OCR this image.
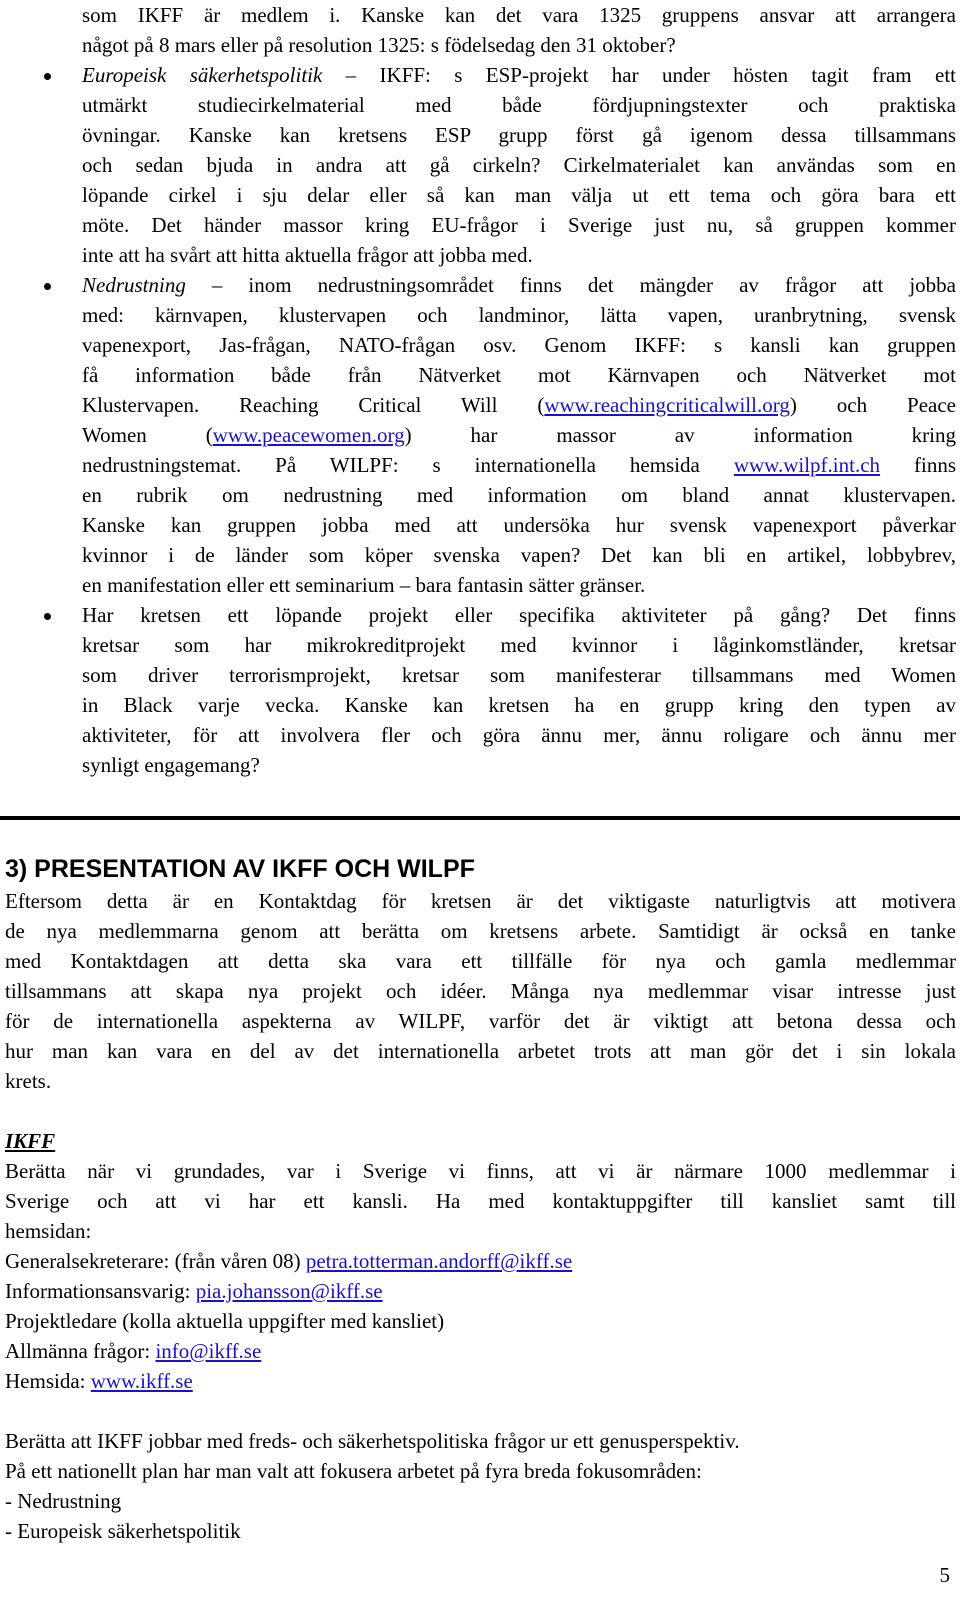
som IKFF är medlem i. Kanske kan det vara 1325 gruppens ansvar att arrangera
något på 8 mars eller på resolution 1325: s födelsedag den 31 oktober?
Europeisk säkerhetspolitik – IKFF: s ESP-projekt har under hösten tagit fram ett
utmärkt studiecirkelmaterial med både fördjupningstexter och praktiska
övningar. Kanske kan kretsens ESP grupp först gå igenom dessa tillsammans
och sedan bjuda in andra att gå cirkeln? Cirkelmaterialet kan användas som en
löpande cirkel i sju delar eller så kan man välja ut ett tema och göra bara ett
möte. Det händer massor kring EU-frågor i Sverige just nu, så gruppen kommer
inte att ha svårt att hitta aktuella frågor att jobba med.
Nedrustning – inom nedrustningsområdet finns det mängder av frågor att jobba
med: kärnvapen, klustervapen och landminor, lätta vapen, uranbrytning, svensk
vapenexport, Jas-frågan, NATO-frågan osv. Genom IKFF: s kansli kan gruppen
få information både från Nätverket mot Kärnvapen och Nätverket mot
Klustervapen. Reaching Critical Will (www.reachingcriticalwill.org) och Peace
Women (www.peacewomen.org) har massor av information kring
nedrustningstemat. På WILPF: s internationella hemsida www.wilpf.int.ch finns
en rubrik om nedrustning med information om bland annat klustervapen.
Kanske kan gruppen jobba med att undersöka hur svensk vapenexport påverkar
kvinnor i de länder som köper svenska vapen? Det kan bli en artikel, lobbybrev,
en manifestation eller ett seminarium – bara fantasin sätter gränser.
Har kretsen ett löpande projekt eller specifika aktiviteter på gång? Det finns
kretsar som har mikrokreditprojekt med kvinnor i låginkomstländer, kretsar
som driver terrorismprojekt, kretsar som manifesterar tillsammans med Women
in Black varje vecka. Kanske kan kretsen ha en grupp kring den typen av
aktiviteter, för att involvera fler och göra ännu mer, ännu roligare och ännu mer
synligt engagemang?
3) PRESENTATION AV IKFF OCH WILPF
Eftersom detta är en Kontaktdag för kretsen är det viktigaste naturligtvis att motivera
de nya medlemmarna genom att berätta om kretsens arbete. Samtidigt är också en tanke
med Kontaktdagen att detta ska vara ett tillfälle för nya och gamla medlemmar
tillsammans att skapa nya projekt och idéer. Många nya medlemmar visar intresse just
för de internationella aspekterna av WILPF, varför det är viktigt att betona dessa och
hur man kan vara en del av det internationella arbetet trots att man gör det i sin lokala
krets.
IKFF
Berätta när vi grundades, var i Sverige vi finns, att vi är närmare 1000 medlemmar i
Sverige och att vi har ett kansli. Ha med kontaktuppgifter till kansliet samt till
hemsidan:
Generalsekreterare: (från våren 08) petra.totterman.andorff@ikff.se
Informationsansvarig: pia.johansson@ikff.se
Projektledare (kolla aktuella uppgifter med kansliet)
Allmänna frågor: info@ikff.se
Hemsida: www.ikff.se
Berätta att IKFF jobbar med freds- och säkerhetspolitiska frågor ur ett genusperspektiv.
På ett nationellt plan har man valt att fokusera arbetet på fyra breda fokusområden:
- Nedrustning
- Europeisk säkerhetspolitik
5
